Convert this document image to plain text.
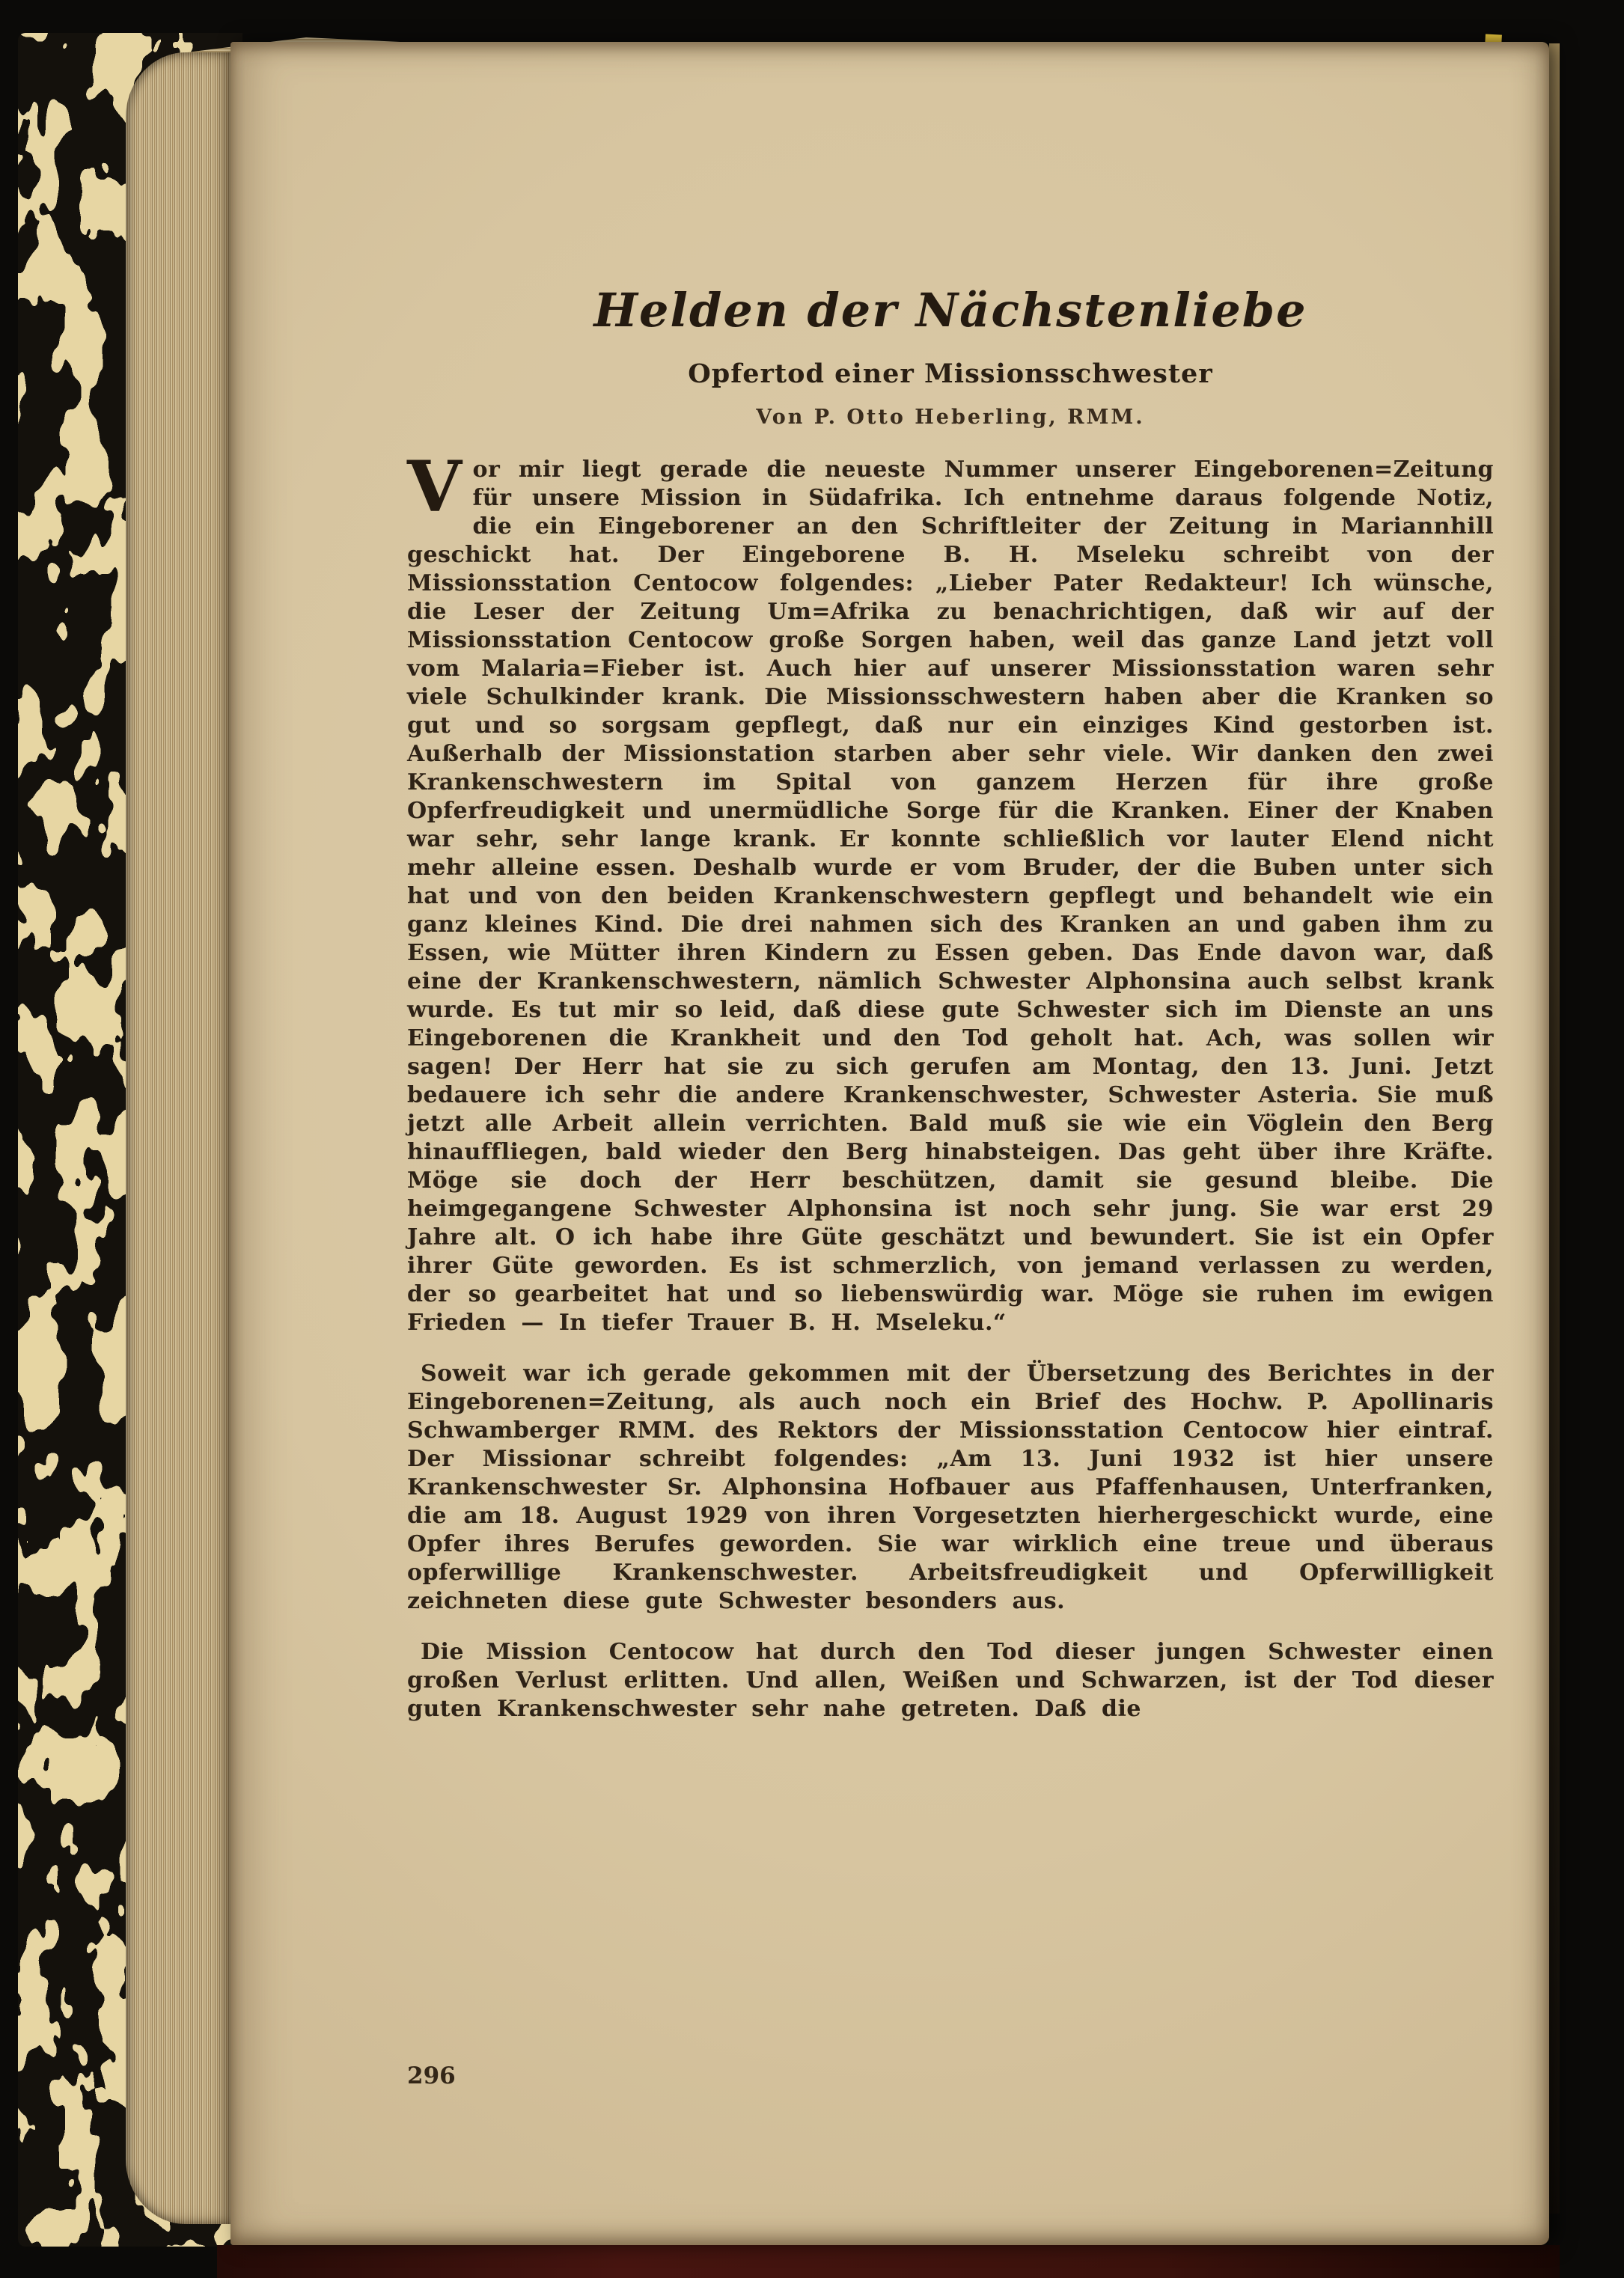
Helden der Nächstenliebe
Opfertod einer Missionsschwester
Von P. Otto Heberling, RMM.

Vor mir liegt gerade die neueste Nummer unserer Eingeborenen=Zeitung für unsere Mission in Südafrika. Ich entnehme daraus folgende Notiz, die ein Eingeborener an den Schriftleiter der Zeitung in Mariannhill geschickt hat. Der Eingeborene B. H. Mseleku schreibt von der Missionsstation Centocow folgendes: „Lieber Pater Redakteur! Ich wünsche, die Leser der Zeitung Um=Afrika zu benachrichtigen, daß wir auf der Missionsstation Centocow große Sorgen haben, weil das ganze Land jetzt voll vom Malaria=Fieber ist. Auch hier auf unserer Missionsstation waren sehr viele Schulkinder krank. Die Missionsschwestern haben aber die Kranken so gut und so sorgsam gepflegt, daß nur ein einziges Kind gestorben ist. Außerhalb der Missionstation starben aber sehr viele. Wir danken den zwei Krankenschwestern im Spital von ganzem Herzen für ihre große Opferfreudigkeit und unermüdliche Sorge für die Kranken. Einer der Knaben war sehr, sehr lange krank. Er konnte schließlich vor lauter Elend nicht mehr alleine essen. Deshalb wurde er vom Bruder, der die Buben unter sich hat und von den beiden Krankenschwestern gepflegt und behandelt wie ein ganz kleines Kind. Die drei nahmen sich des Kranken an und gaben ihm zu Essen, wie Mütter ihren Kindern zu Essen geben. Das Ende davon war, daß eine der Krankenschwestern, nämlich Schwester Alphonsina auch selbst krank wurde. Es tut mir so leid, daß diese gute Schwester sich im Dienste an uns Eingeborenen die Krankheit und den Tod geholt hat. Ach, was sollen wir sagen! Der Herr hat sie zu sich gerufen am Montag, den 13. Juni. Jetzt bedauere ich sehr die andere Krankenschwester, Schwester Asteria. Sie muß jetzt alle Arbeit allein verrichten. Bald muß sie wie ein Vöglein den Berg hinauffliegen, bald wieder den Berg hinabsteigen. Das geht über ihre Kräfte. Möge sie doch der Herr beschützen, damit sie gesund bleibe. Die heimgegangene Schwester Alphonsina ist noch sehr jung. Sie war erst 29 Jahre alt. O ich habe ihre Güte geschätzt und bewundert. Sie ist ein Opfer ihrer Güte geworden. Es ist schmerzlich, von jemand verlassen zu werden, der so gearbeitet hat und so liebenswürdig war. Möge sie ruhen im ewigen Frieden — In tiefer Trauer B. H. Mseleku.“

Soweit war ich gerade gekommen mit der Übersetzung des Berichtes in der Eingeborenen=Zeitung, als auch noch ein Brief des Hochw. P. Apollinaris Schwamberger RMM. des Rektors der Missionsstation Centocow hier eintraf. Der Missionar schreibt folgendes: „Am 13. Juni 1932 ist hier unsere Krankenschwester Sr. Alphonsina Hofbauer aus Pfaffenhausen, Unterfranken, die am 18. August 1929 von ihren Vorgesetzten hierhergeschickt wurde, eine Opfer ihres Berufes geworden. Sie war wirklich eine treue und überaus opferwillige Krankenschwester. Arbeitsfreudigkeit und Opferwilligkeit zeichneten diese gute Schwester besonders aus.

Die Mission Centocow hat durch den Tod dieser jungen Schwester einen großen Verlust erlitten. Und allen, Weißen und Schwarzen, ist der Tod dieser guten Krankenschwester sehr nahe getreten. Daß die

296
